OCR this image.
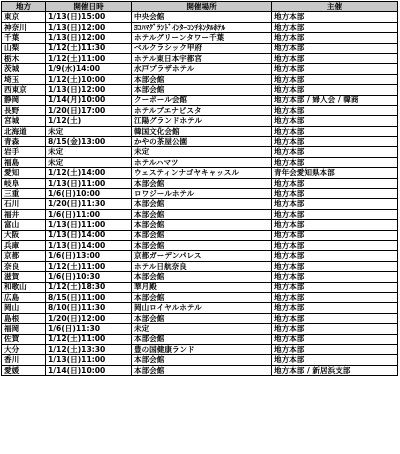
地方	開催日時	開催場所	主催
東京	1/13(日)15:00	中央会館	地方本部
神奈川	1/13(日)12:00	ﾖｺﾊﾏｸﾞﾗﾝﾄﾞｲﾝﾀｰｺﾝﾁﾈﾝﾀﾙﾎﾃﾙ	地方本部
千葉	1/13(日)12:00	ホテルグリーンタワー千葉	地方本部
山梨	1/12(土)11:30	ベルクラシック甲府	地方本部
栃木	1/12(土)11:00	ホテル東日本宇都宮	地方本部
茨城	1/9(水)14:00	水戸プラザホテル	地方本部
埼玉	1/12(土)10:00	本部会館	地方本部
西東京	1/13(日)12:00	本部会館	地方本部
静岡	1/14(月)10:00	クーポール会館	地方本部 / 婦人会 / 韓商
長野	1/20(日)17:00	ホテルブエナビスタ	地方本部
宮城	1/12(土)	江陽グランドホテル	地方本部
北海道	未定	韓国文化会館	地方本部
青森	8/15(金)13:00	かやの茶屋公園	地方本部
岩手	未定	未定	地方本部
福島	未定	ホテルハマツ	地方本部
愛知	1/12(土)14:00	ウェスティンナゴヤキャッスル	青年会愛知県本部
岐阜	1/13(日)11:00	本部会館	地方本部
三重	1/6(日)10:00	ロワジールホテル	地方本部
石川	1/20(日)11:30	本部会館	地方本部
福井	1/6(日)11:00	本部会館	地方本部
富山	1/13(日)11:00	本部会館	地方本部
大阪	1/13(日)14:00	本部会館	地方本部
兵庫	1/13(日)14:00	本部会館	地方本部
京都	1/6(日)13:00	京都ガーデンパレス	地方本部
奈良	1/12(土)11:00	ホテル日航奈良	地方本部
滋賀	1/6(日)10:30	本部会館	地方本部
和歌山	1/12(土)18:30	華月殿	地方本部
広島	8/15(日)11:00	本部会館	地方本部
岡山	8/10(日)11:30	岡山ロイヤルホテル	地方本部
島根	1/20(日)12:00	本部会館	地方本部
福岡	1/6(日)11:30	未定	地方本部
佐賀	1/12(土)11:00	本部会館	地方本部
大分	1/12(土)13:30	豊の国健康ランド	地方本部
香川	1/13(日)11:00	本部会館	地方本部
愛媛	1/14(日)10:00	本部会館	地方本部 / 新居浜支部
